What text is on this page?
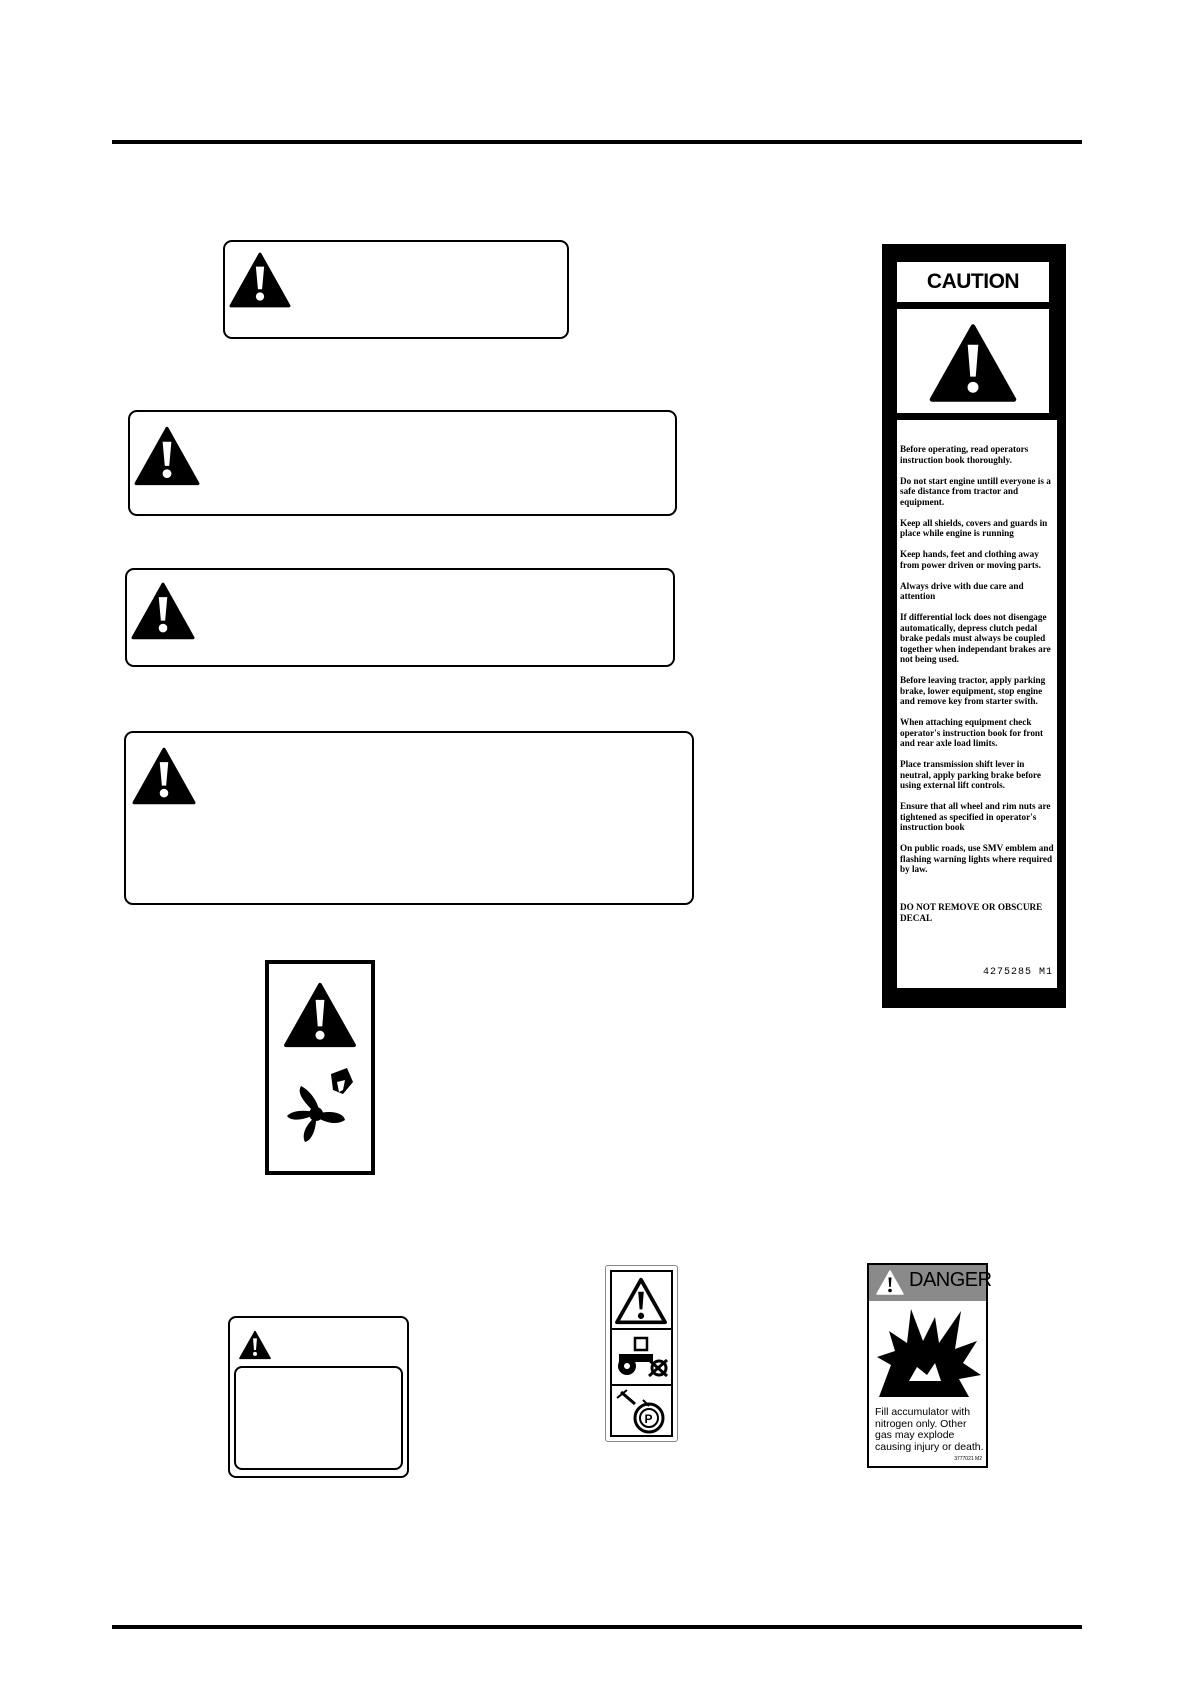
CAUTION
Before operating, read operators instruction book thoroughly.
Do not start engine untill everyone is a safe distance from tractor and equipment.
Keep all shields, covers and guards in place while engine is running
Keep hands, feet and clothing away from power driven or moving parts.
Always drive with due care and attention
If differential lock does not disengage automatically, depress clutch pedal brake pedals must always be coupled together when independant brakes are not being used.
Before leaving tractor, apply parking brake, lower equipment, stop engine and remove key from starter swith.
When attaching equipment check operator's instruction book for front and rear axle load limits.
Place transmission shift lever in neutral, apply parking brake before using external lift controls.
Ensure that all wheel and rim nuts are tightened as specified in operator's instruction book
On public roads, use SMV emblem and flashing warning lights where required by law.
DO NOT REMOVE OR OBSCURE DECAL
4275285 M1
P
DANGER
Fill accumulator with nitrogen only. Other gas may explode causing injury or death.
3777021 M2
